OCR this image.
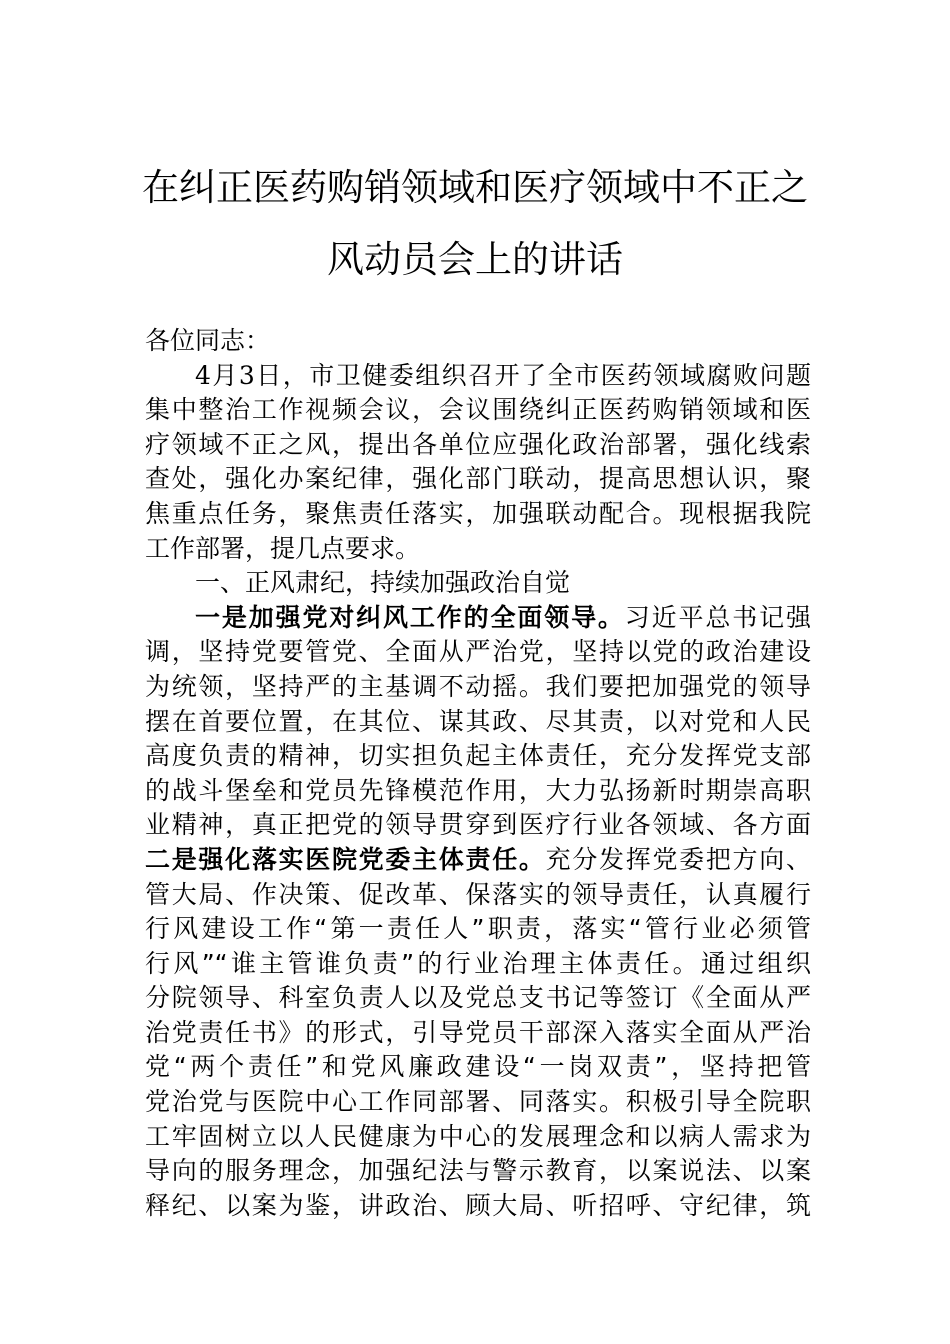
在纠正医药购销领域和医疗领域中不正之
风动员会上的讲话
各位同志：
4月3日，市卫健委组织召开了全市医药领域腐败问题
集中整治工作视频会议，会议围绕纠正医药购销领域和医
疗领域不正之风，提出各单位应强化政治部署，强化线索
查处，强化办案纪律，强化部门联动，提高思想认识，聚
焦重点任务，聚焦责任落实，加强联动配合。现根据我院
工作部署，提几点要求。
一、正风肃纪，持续加强政治自觉
一是加强党对纠风工作的全面领导。习近平总书记强
调，坚持党要管党、全面从严治党，坚持以党的政治建设
为统领，坚持严的主基调不动摇。我们要把加强党的领导
摆在首要位置，在其位、谋其政、尽其责，以对党和人民
高度负责的精神，切实担负起主体责任，充分发挥党支部
的战斗堡垒和党员先锋模范作用，大力弘扬新时期崇高职
业精神，真正把党的领导贯穿到医疗行业各领域、各方面
二是强化落实医院党委主体责任。充分发挥党委把方向、
管大局、作决策、促改革、保落实的领导责任，认真履行
行风建设工作“第一责任人”职责，落实“管行业必须管
行风”“谁主管谁负责”的行业治理主体责任。通过组织
分院领导、科室负责人以及党总支书记等签订《全面从严
治党责任书》的形式，引导党员干部深入落实全面从严治
党“两个责任”和党风廉政建设“一岗双责”，坚持把管
党治党与医院中心工作同部署、同落实。积极引导全院职
工牢固树立以人民健康为中心的发展理念和以病人需求为
导向的服务理念，加强纪法与警示教育，以案说法、以案
释纪、以案为鉴，讲政治、顾大局、听招呼、守纪律，筑
